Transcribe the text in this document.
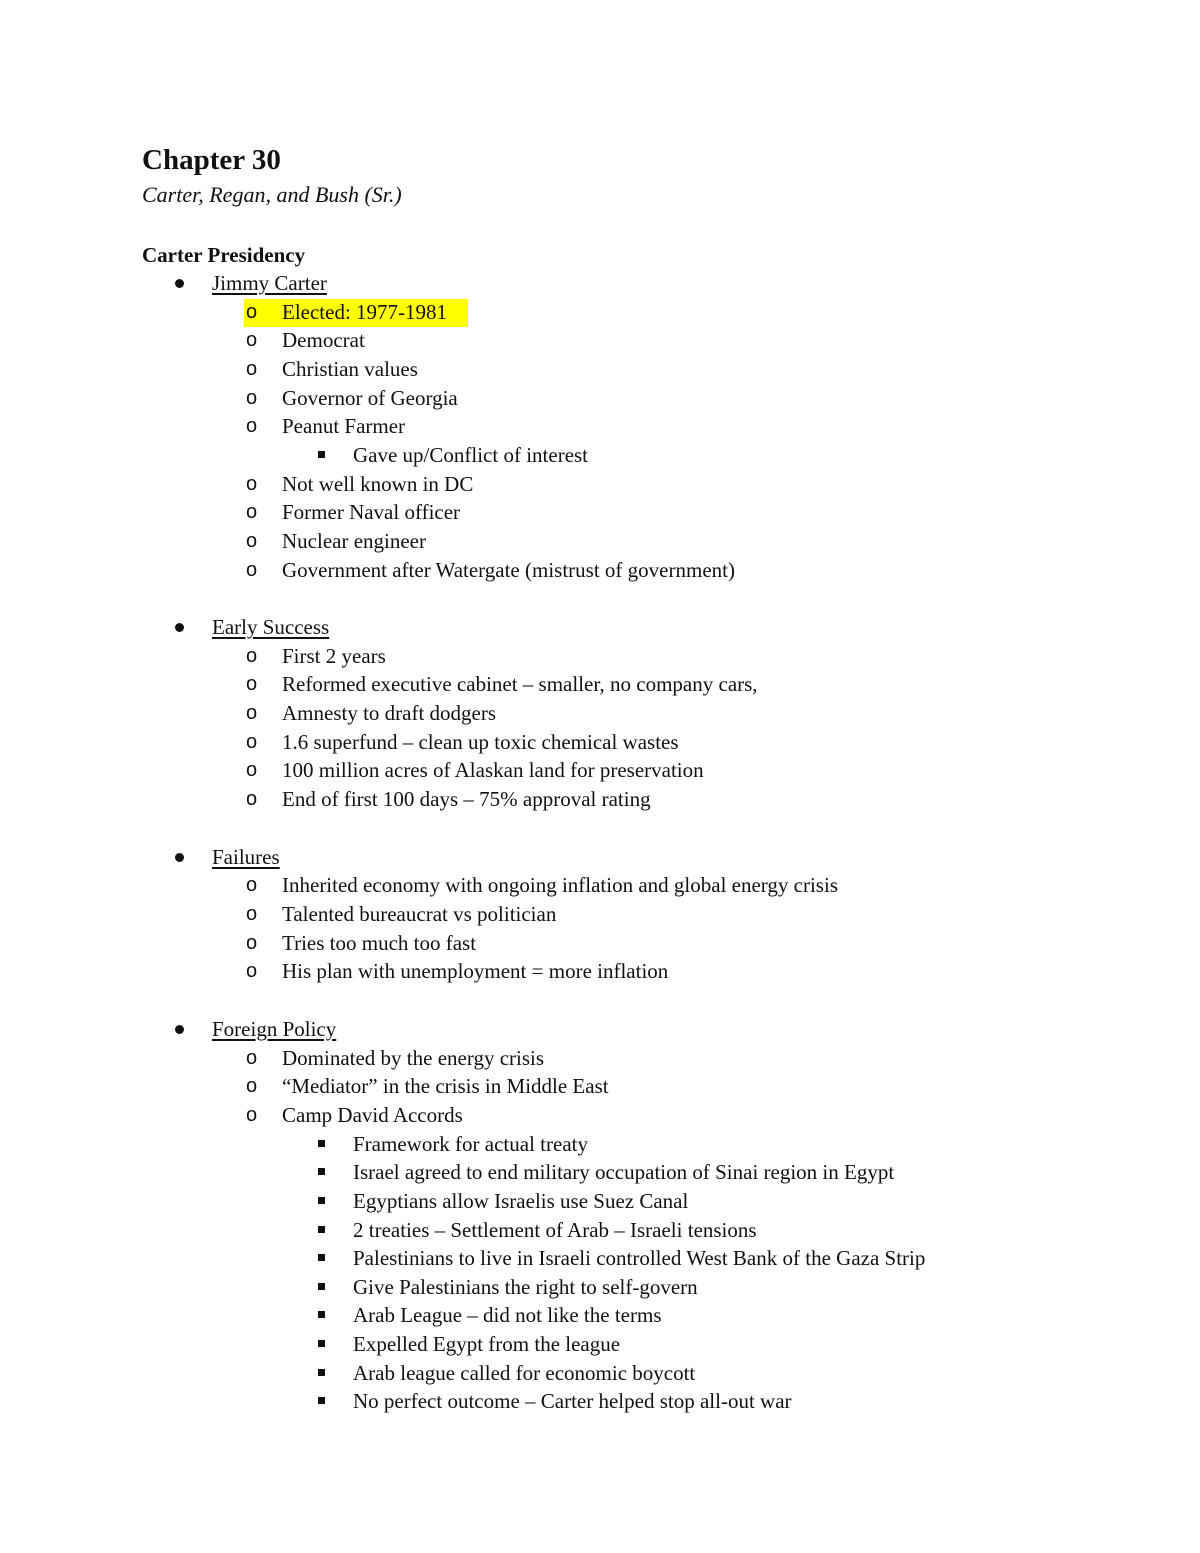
Chapter 30
Carter, Regan, and Bush (Sr.)
Carter Presidency
Jimmy Carter
o Elected: 1977-1981
o Democrat
o Christian values
o Governor of Georgia
o Peanut Farmer
Gave up/Conflict of interest
o Not well known in DC
o Former Naval officer
o Nuclear engineer
o Government after Watergate (mistrust of government)
Early Success
o First 2 years
o Reformed executive cabinet – smaller, no company cars,
o Amnesty to draft dodgers
o 1.6 superfund – clean up toxic chemical wastes
o 100 million acres of Alaskan land for preservation
o End of first 100 days – 75% approval rating
Failures
o Inherited economy with ongoing inflation and global energy crisis
o Talented bureaucrat vs politician
o Tries too much too fast
o His plan with unemployment = more inflation
Foreign Policy
o Dominated by the energy crisis
o “Mediator” in the crisis in Middle East
o Camp David Accords
Framework for actual treaty
Israel agreed to end military occupation of Sinai region in Egypt
Egyptians allow Israelis use Suez Canal
2 treaties – Settlement of Arab – Israeli tensions
Palestinians to live in Israeli controlled West Bank of the Gaza Strip
Give Palestinians the right to self-govern
Arab League – did not like the terms
Expelled Egypt from the league
Arab league called for economic boycott
No perfect outcome – Carter helped stop all-out war
